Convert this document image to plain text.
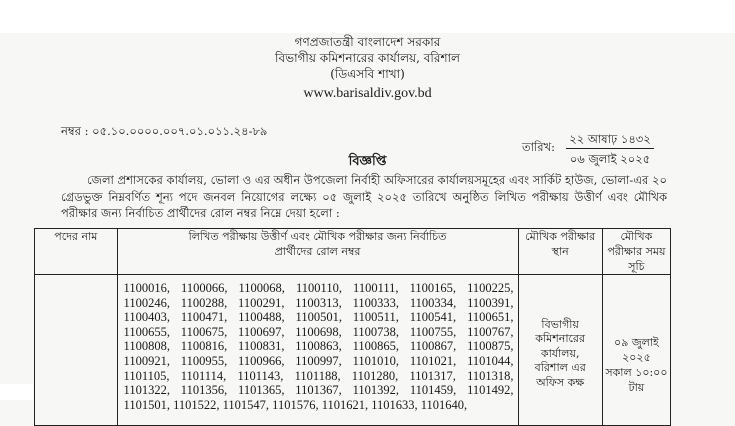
গণপ্রজাতন্ত্রী বাংলাদেশ সরকার
বিভাগীয় কমিশনারের কার্যালয়, বরিশাল
(ডিএসবি শাখা)
www.barisaldiv.gov.bd
নম্বর : ০৫.১০.০০০০.০০৭.০১.০১১.২৪-৮৯
তারিখ:
২২ আষাঢ় ১৪৩২
০৬ জুলাই ২০২৫
বিজ্ঞপ্তি
জেলা প্রশাসকের কার্যালয়, ভোলা ও এর অধীন উপজেলা নির্বাহী অফিসারের কার্যালয়সমূহের এবং সার্কিট হাউজ, ভোলা-এর ২০ গ্রেডভুক্ত নিম্নবর্ণিত শূন্য পদে জনবল নিয়োগের লক্ষ্যে ০৫ জুলাই ২০২৫ তারিখে অনুষ্ঠিত লিখিত পরীক্ষায় উত্তীর্ণ এবং মৌখিক পরীক্ষার জন্য নির্বাচিত প্রার্থীদের রোল নম্বর নিম্নে দেয়া হলো :
পদের নাম	লিখিত পরীক্ষায় উত্তীর্ণ এবং মৌখিক পরীক্ষার জন্য নির্বাচিত প্রার্থীদের রোল নম্বর	মৌখিক পরীক্ষার স্থান	মৌখিক পরীক্ষার সময় সূচি
	1100016, 1100066, 1100068, 1100110, 1100111, 1100165, 1100225, 1100246, 1100288, 1100291, 1100313, 1100333, 1100334, 1100391, 1100403, 1100471, 1100488, 1100501, 1100511, 1100541, 1100651, 1100655, 1100675, 1100697, 1100698, 1100738, 1100755, 1100767, 1100808, 1100816, 1100831, 1100863, 1100865, 1100867, 1100875, 1100921, 1100955, 1100966, 1100997, 1101010, 1101021, 1101044, 1101105, 1101114, 1101143, 1101188, 1101280, 1101317, 1101318, 1101322, 1101356, 1101365, 1101367, 1101392, 1101459, 1101492, 1101501, 1101522, 1101547, 1101576, 1101621, 1101633, 1101640,	বিভাগীয় কমিশনারের কার্যালয়, বরিশাল এর অফিস কক্ষ	০৯ জুলাই ২০২৫
সকাল ১০:০০ টায়
